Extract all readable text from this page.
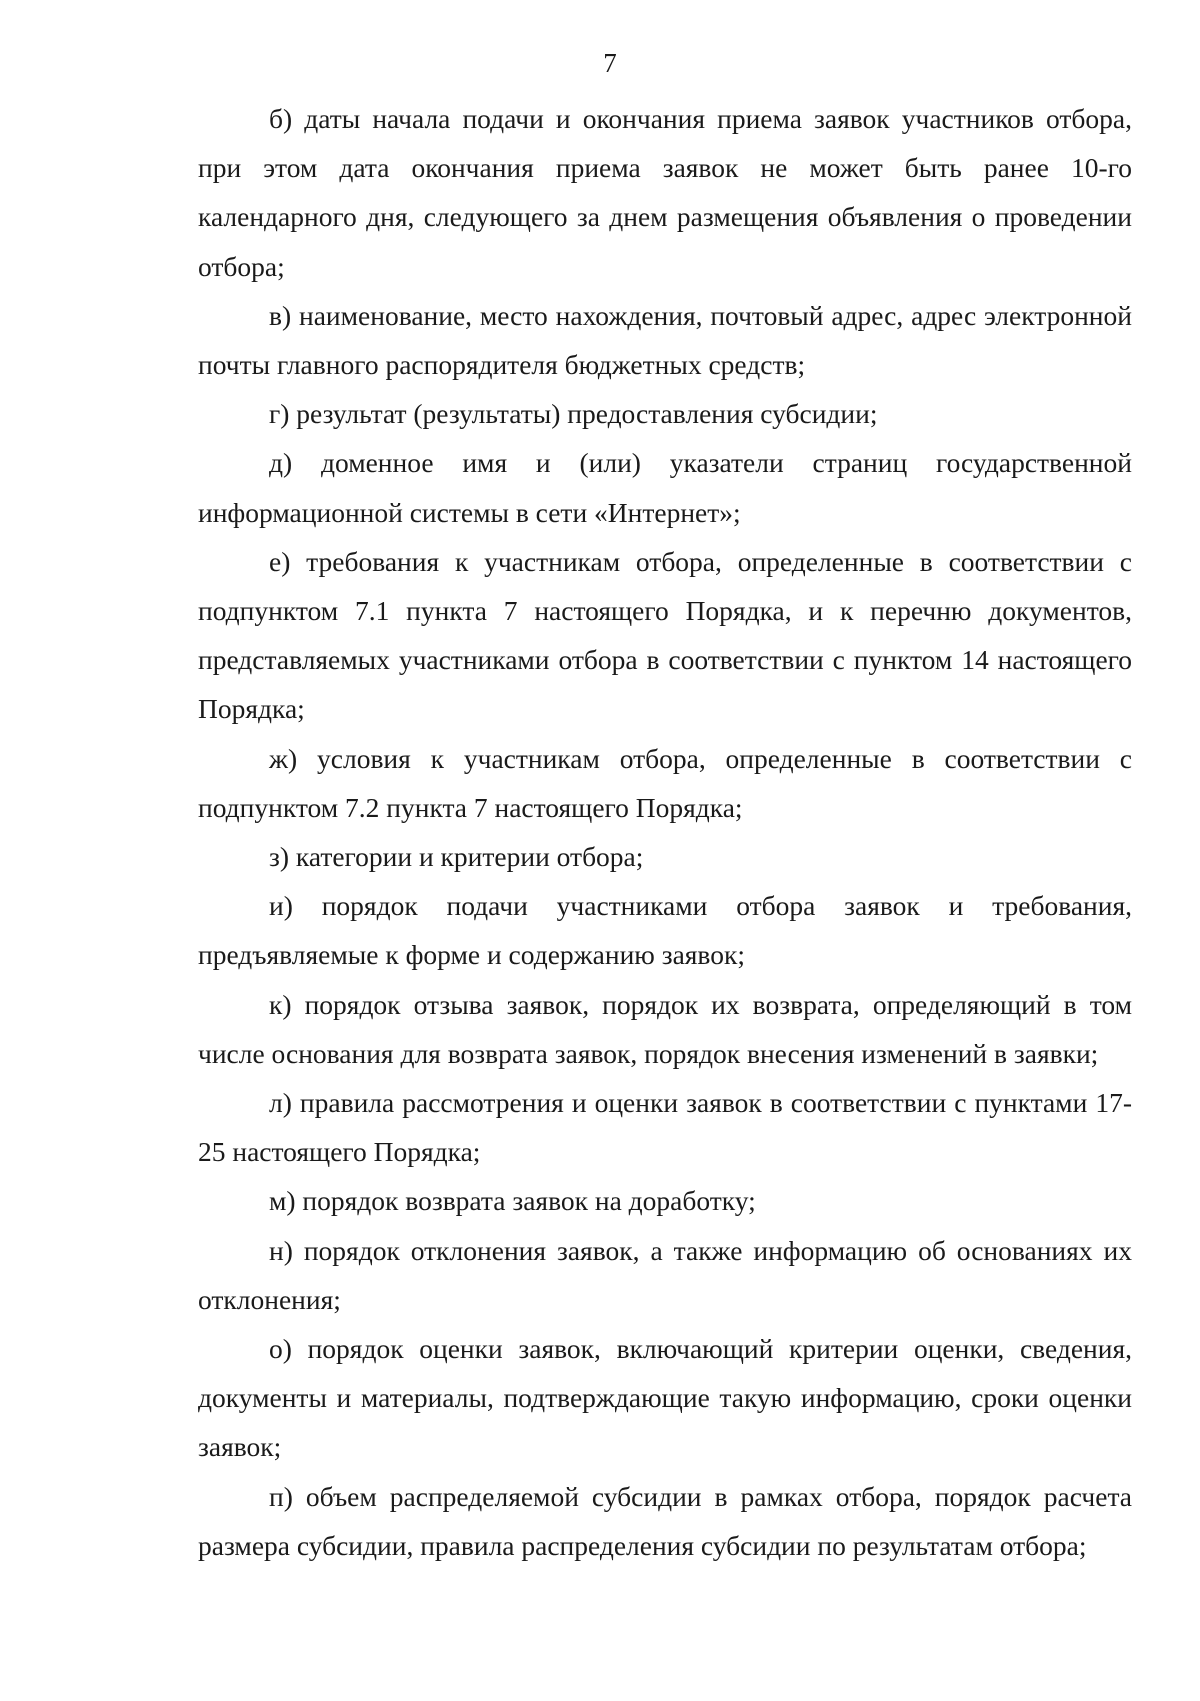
7

б) даты начала подачи и окончания приема заявок участников отбора, при этом дата окончания приема заявок не может быть ранее 10-го календарного дня, следующего за днем размещения объявления о проведении отбора;

в) наименование, место нахождения, почтовый адрес, адрес электронной почты главного распорядителя бюджетных средств;

г) результат (результаты) предоставления субсидии;

д) доменное имя и (или) указатели страниц государственной информационной системы в сети «Интернет»;

е) требования к участникам отбора, определенные в соответствии с подпунктом 7.1 пункта 7 настоящего Порядка, и к перечню документов, представляемых участниками отбора в соответствии с пунктом 14 настоящего Порядка;

ж) условия к участникам отбора, определенные в соответствии с подпунктом 7.2 пункта 7 настоящего Порядка;

з) категории и критерии отбора;

и) порядок подачи участниками отбора заявок и требования, предъявляемые к форме и содержанию заявок;

к) порядок отзыва заявок, порядок их возврата, определяющий в том числе основания для возврата заявок, порядок внесения изменений в заявки;

л) правила рассмотрения и оценки заявок в соответствии с пунктами 17-25 настоящего Порядка;

м) порядок возврата заявок на доработку;

н) порядок отклонения заявок, а также информацию об основаниях их отклонения;

о) порядок оценки заявок, включающий критерии оценки, сведения, документы и материалы, подтверждающие такую информацию, сроки оценки заявок;

п) объем распределяемой субсидии в рамках отбора, порядок расчета размера субсидии, правила распределения субсидии по результатам отбора;
